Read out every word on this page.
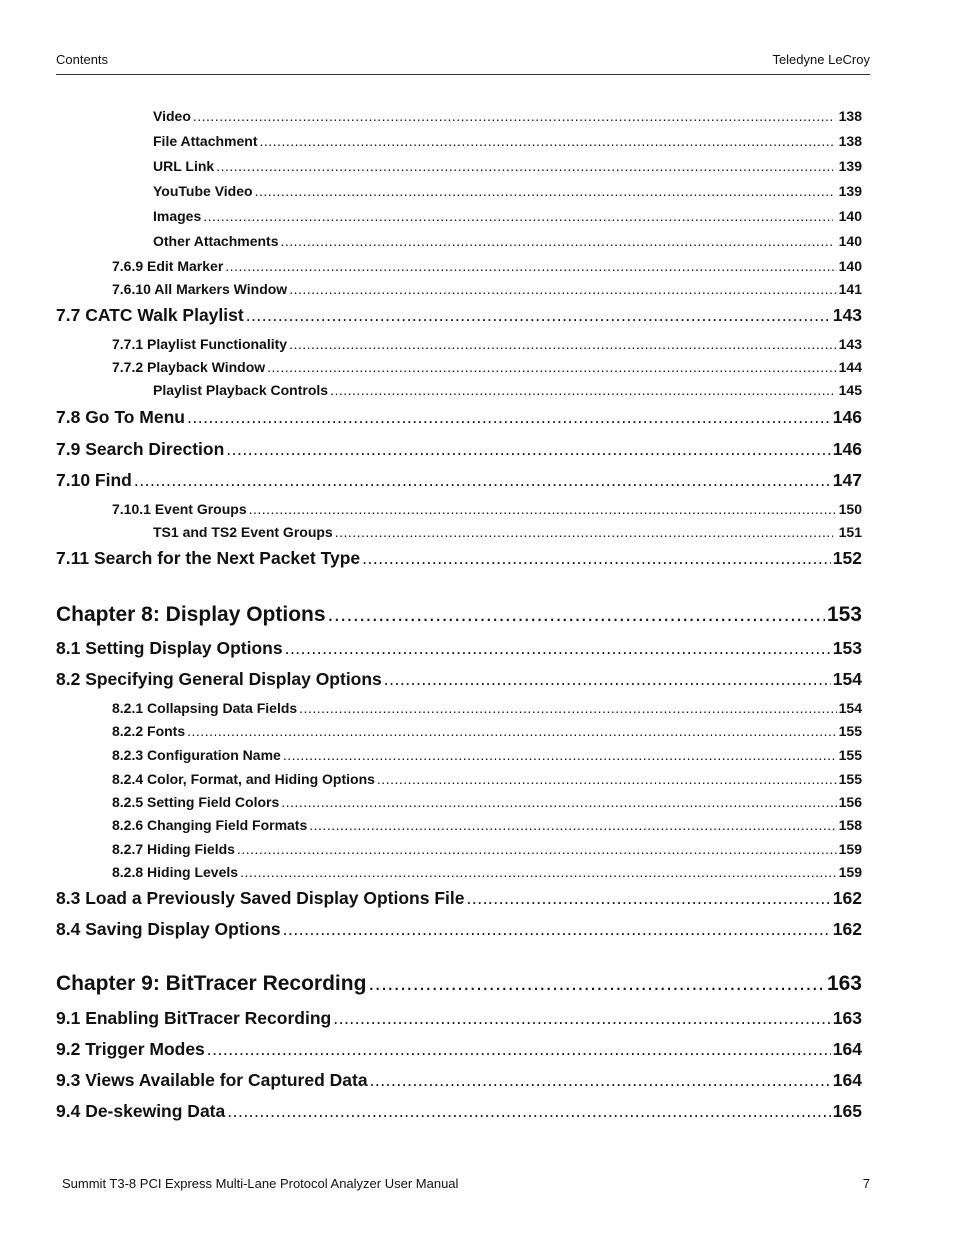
Contents	Teledyne LeCroy
Video .....	138
File Attachment .....	138
URL Link .....	139
YouTube Video .....	139
Images .....	140
Other Attachments .....	140
7.6.9 Edit Marker .....	140
7.6.10 All Markers Window .....	141
7.7 CATC Walk Playlist .....	143
7.7.1 Playlist Functionality .....	143
7.7.2 Playback Window .....	144
Playlist Playback Controls .....	145
7.8 Go To Menu .....	146
7.9 Search Direction .....	146
7.10 Find .....	147
7.10.1 Event Groups .....	150
TS1 and TS2 Event Groups .....	151
7.11 Search for the Next Packet Type .....	152
Chapter 8: Display Options .....	153
8.1 Setting Display Options .....	153
8.2 Specifying General Display Options .....	154
8.2.1 Collapsing Data Fields .....	154
8.2.2 Fonts .....	155
8.2.3 Configuration Name .....	155
8.2.4 Color, Format, and Hiding Options .....	155
8.2.5 Setting Field Colors .....	156
8.2.6 Changing Field Formats .....	158
8.2.7 Hiding Fields .....	159
8.2.8 Hiding Levels .....	159
8.3 Load a Previously Saved Display Options File .....	162
8.4 Saving Display Options .....	162
Chapter 9: BitTracer Recording .....	163
9.1 Enabling BitTracer Recording .....	163
9.2 Trigger Modes .....	164
9.3 Views Available for Captured Data .....	164
9.4 De-skewing Data .....	165
Summit T3-8 PCI Express Multi-Lane Protocol Analyzer User Manual	7
